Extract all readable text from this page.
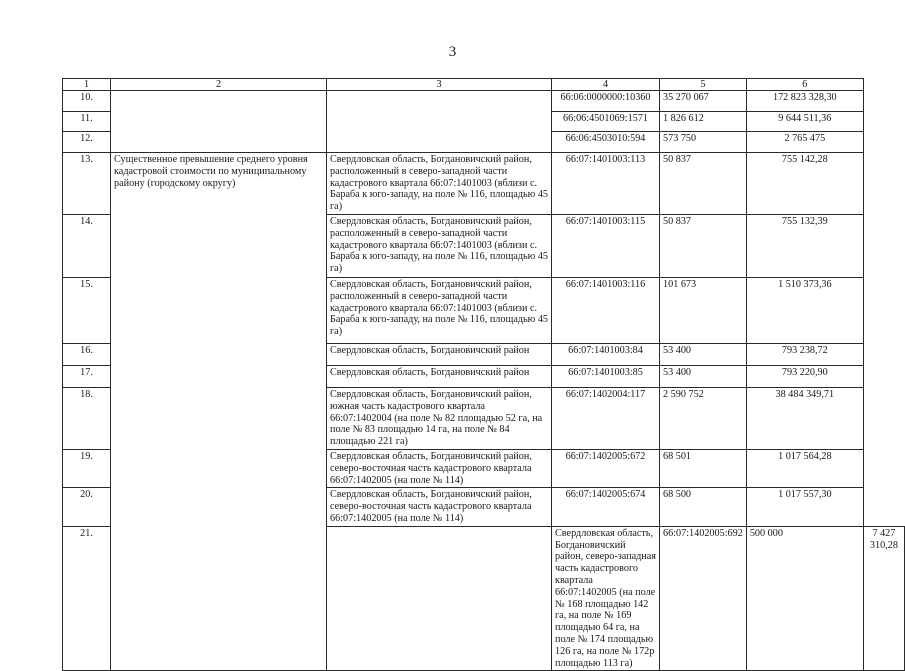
3
1	2	3	4	5	6	
10.			66:06:0000000:10360	35 270 067	172 823 328,30	
11.			66:06:4501069:1571	1 826 612	9 644 511,36	
12.			66:06:4503010:594	573 750	2 765 475	
13.	Существенное превышение среднего уровня кадастровой стоимости по муниципальному району (городскому округу)	Свердловская область, Богдановичский район, расположенный в северо-западной части кадастрового квартала 66:07:1401003 (вблизи с. Бараба к юго-западу, на поле № 116, площадью 45 га)	66:07:1401003:113	50 837	755 142,28	
14.		Свердловская область, Богдановичский район, расположенный в северо-западной части кадастрового квартала 66:07:1401003 (вблизи с. Бараба к юго-западу, на поле № 116, площадью 45 га)	66:07:1401003:115	50 837	755 132,39	
15.		Свердловская область, Богдановичский район, расположенный в северо-западной части кадастрового квартала 66:07:1401003 (вблизи с. Бараба к юго-западу, на поле № 116, площадью 45 га)	66:07:1401003:116	101 673	1 510 373,36	
16.		Свердловская область, Богдановичский район	66:07:1401003:84	53 400	793 238,72	
17.		Свердловская область, Богдановичский район	66:07:1401003:85	53 400	793 220,90	
18.		Свердловская область, Богдановичский район, южная часть кадастрового квартала 66:07:1402004 (на поле № 82 площадью 52 га, на поле № 83 площадью 14 га, на поле № 84 площадью 221 га)	66:07:1402004:117	2 590 752	38 484 349,71	
19.		Свердловская область, Богдановичский район, северо-восточная часть кадастрового квартала 66:07:1402005 (на поле № 114)	66:07:1402005:672	68 501	1 017 564,28	
20.		Свердловская область, Богдановичский район, северо-восточная часть кадастрового квартала 66:07:1402005 (на поле № 114)	66:07:1402005:674	68 500	1 017 557,30	
21.			Свердловская область, Богдановичский район, северо-западная часть кадастрового квартала 66:07:1402005 (на поле № 168 площадью 142 га, на поле № 169 площадью 64 га, на поле № 174 площадью 126 га, на поле № 172р площадью 113 га)	66:07:1402005:692	500 000	7 427 310,28
